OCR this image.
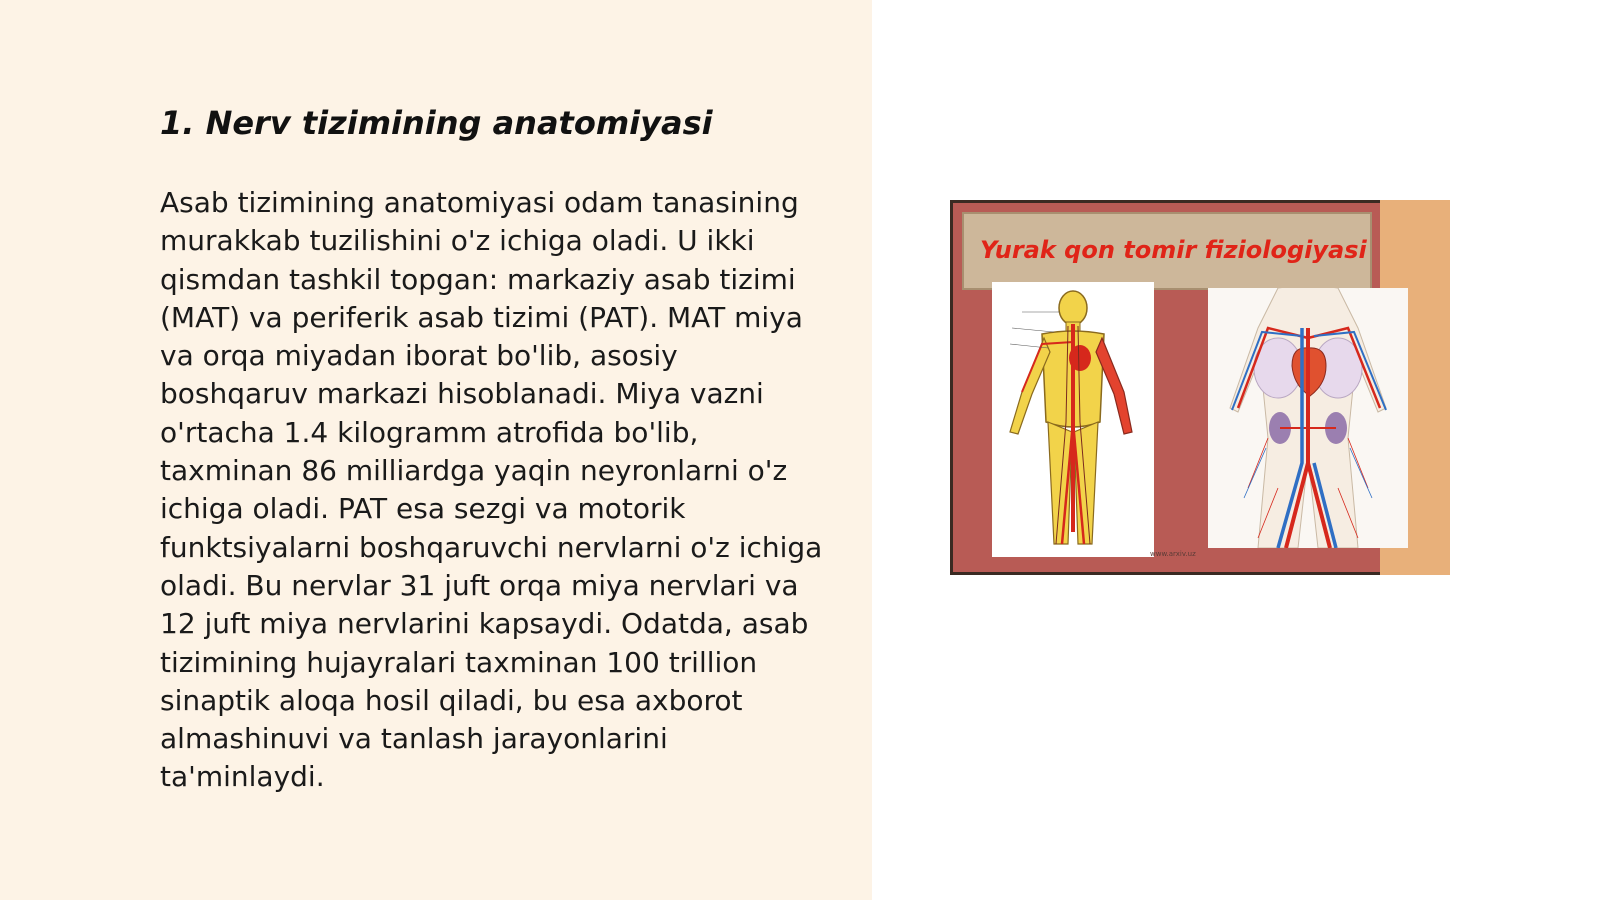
1. Nerv tizimining anatomiyasi

Asab tizimining anatomiyasi odam tanasining murakkab tuzilishini o'z ichiga oladi. U ikki qismdan tashkil topgan: markaziy asab tizimi (MAT) va periferik asab tizimi (PAT). MAT miya va orqa miyadan iborat bo'lib, asosiy boshqaruv markazi hisoblanadi. Miya vazni o'rtacha 1.4 kilogramm atrofida bo'lib, taxminan 86 milliardga yaqin neyronlarni o'z ichiga oladi. PAT esa sezgi va motorik funktsiyalarni boshqaruvchi nervlarni o'z ichiga oladi. Bu nervlar 31 juft orqa miya nervlari va 12 juft miya nervlarini kapsaydi. Odatda, asab tizimining hujayralari taxminan 100 trillion sinaptik aloqa hosil qiladi, bu esa axborot almashinuvi va tanlash jarayonlarini ta'minlaydi.

Yurak qon tomir fiziologiyasi
www.arxiv.uz
